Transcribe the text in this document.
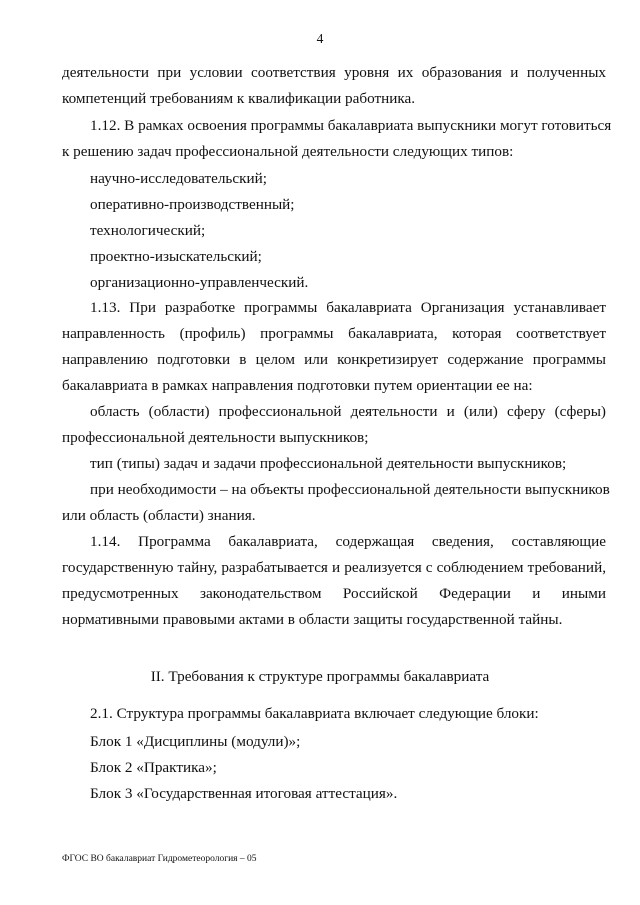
4
деятельности при условии соответствия уровня их образования и полученных
компетенций требованиям к квалификации работника.
1.12. В рамках освоения программы бакалавриата выпускники могут готовиться
к решению задач профессиональной деятельности следующих типов:
научно-исследовательский;
оперативно-производственный;
технологический;
проектно-изыскательский;
организационно-управленческий.
1.13. При разработке программы бакалавриата Организация устанавливает
направленность (профиль) программы бакалавриата, которая соответствует
направлению подготовки в целом или конкретизирует содержание программы
бакалавриата в рамках направления подготовки путем ориентации ее на:
область (области) профессиональной деятельности и (или) сферу (сферы)
профессиональной деятельности выпускников;
тип (типы) задач и задачи профессиональной деятельности выпускников;
при необходимости – на объекты профессиональной деятельности выпускников
или область (области) знания.
1.14. Программа бакалавриата, содержащая сведения, составляющие
государственную тайну, разрабатывается и реализуется с соблюдением требований,
предусмотренных законодательством Российской Федерации и иными
нормативными правовыми актами в области защиты государственной тайны.
II. Требования к структуре программы бакалавриата
2.1. Структура программы бакалавриата включает следующие блоки:
Блок 1 «Дисциплины (модули)»;
Блок 2 «Практика»;
Блок 3 «Государственная итоговая аттестация».
ФГОС ВО бакалавриат Гидрометеорология – 05
